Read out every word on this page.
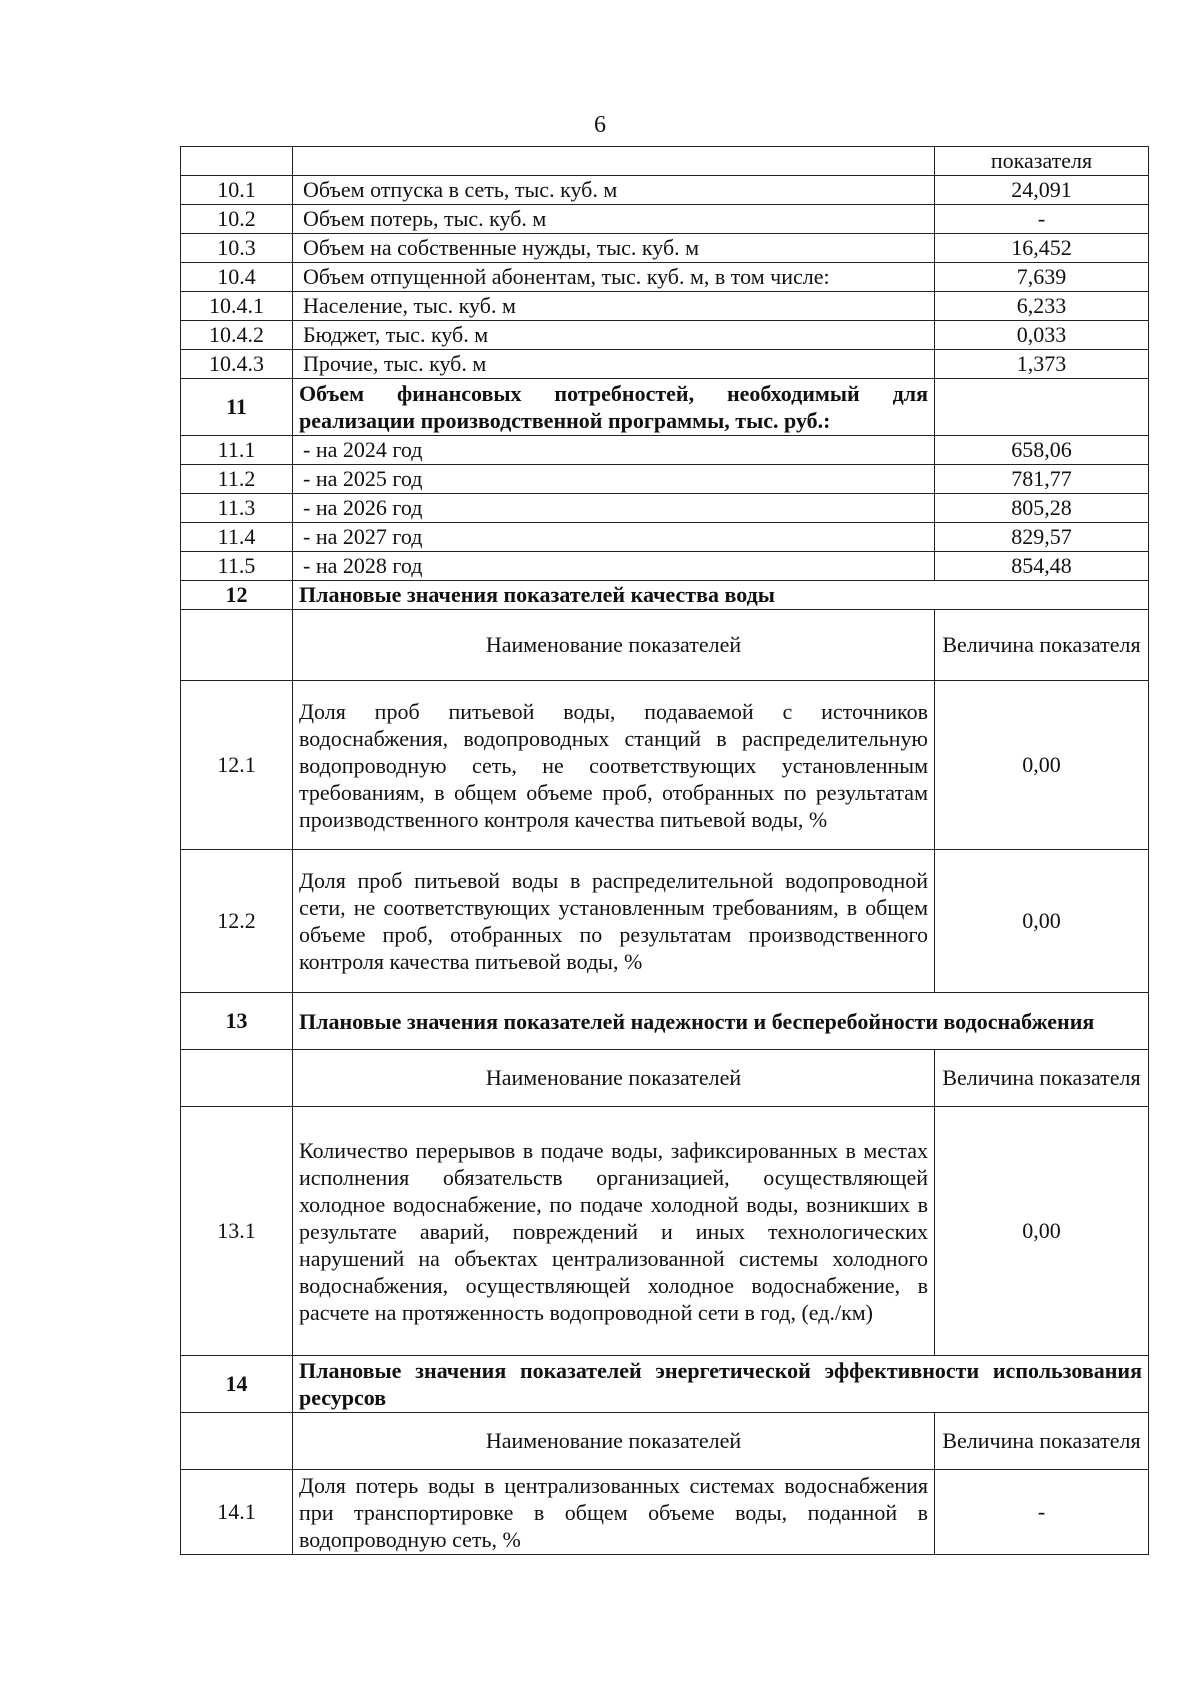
6
		показателя
10.1	Объем отпуска в сеть, тыс. куб. м	24,091
10.2	Объем потерь, тыс. куб. м	-
10.3	Объем на собственные нужды, тыс. куб. м	16,452
10.4	Объем отпущенной абонентам, тыс. куб. м, в том числе:	7,639
10.4.1	Население, тыс. куб. м	6,233
10.4.2	Бюджет, тыс. куб. м	0,033
10.4.3	Прочие, тыс. куб. м	1,373
11	Объем финансовых потребностей, необходимый для реализации производственной программы, тыс. руб.:	
11.1	- на 2024 год	658,06
11.2	- на 2025 год	781,77
11.3	- на 2026 год	805,28
11.4	- на 2027 год	829,57
11.5	- на 2028 год	854,48
12	Плановые значения показателей качества воды	
	Наименование показателей	Величина показателя
12.1	Доля проб питьевой воды, подаваемой с источников водоснабжения, водопроводных станций в распределительную водопроводную сеть, не соответствующих установленным требованиям, в общем объеме проб, отобранных по результатам производственного контроля качества питьевой воды, %	0,00
12.2	Доля проб питьевой воды в распределительной водопроводной сети, не соответствующих установленным требованиям, в общем объеме проб, отобранных по результатам производственного контроля качества питьевой воды, %	0,00
13	Плановые значения показателей надежности и бесперебойности водоснабжения	
	Наименование показателей	Величина показателя
13.1	Количество перерывов в подаче воды, зафиксированных в местах исполнения обязательств организацией, осуществляющей холодное водоснабжение, по подаче холодной воды, возникших в результате аварий, повреждений и иных технологических нарушений на объектах централизованной системы холодного водоснабжения, осуществляющей холодное водоснабжение, в расчете на протяженность водопроводной сети в год, (ед./км)	0,00
14	Плановые значения показателей энергетической эффективности использования ресурсов	
	Наименование показателей	Величина показателя
14.1	Доля потерь воды в централизованных системах водоснабжения при транспортировке в общем объеме воды, поданной в водопроводную сеть, %	-
